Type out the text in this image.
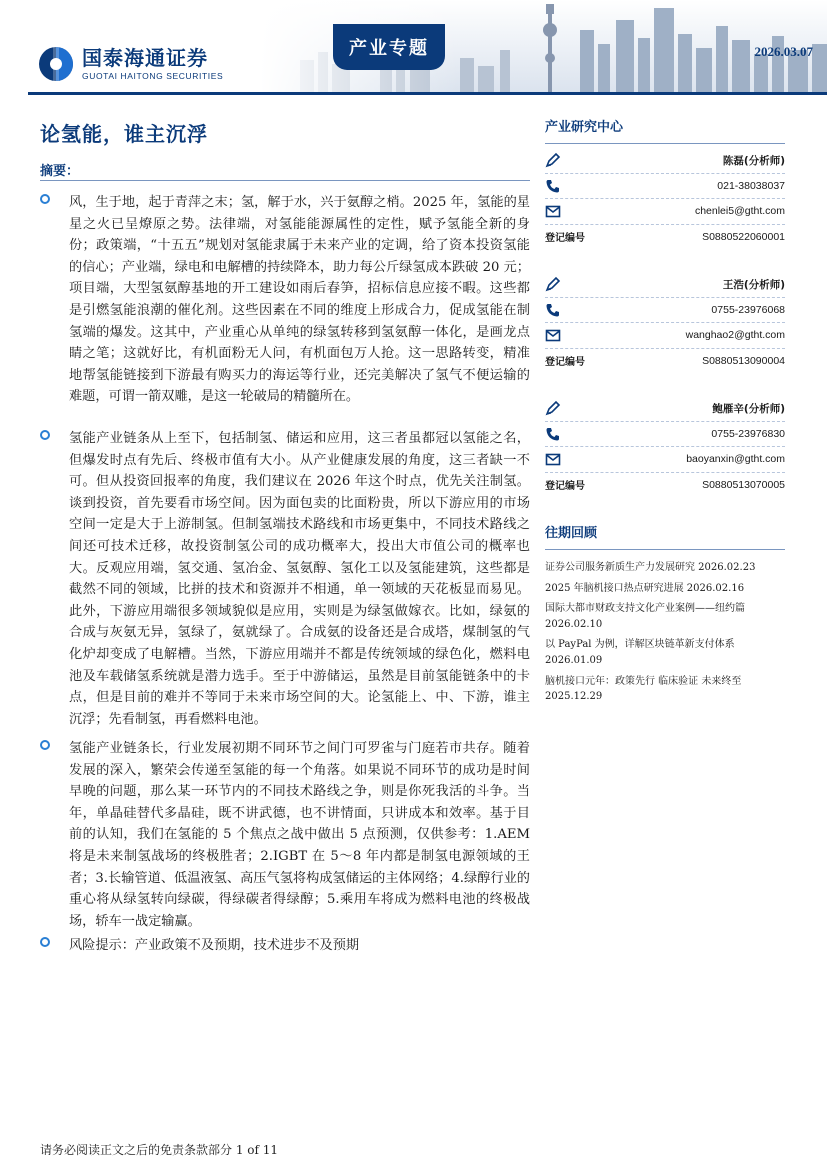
国泰海通证券
GUOTAI HAITONG SECURITIES
产业专题	2026.03.07
论氢能，谁主沉浮
摘要：

风，生于地，起于青萍之末；氢，解于水，兴于氨醇之梢。2025 年，氢能的星星之火已呈燎原之势。法律端，对氢能能源属性的定性，赋予氢能全新的身份；政策端，“十五五”规划对氢能隶属于未来产业的定调，给了资本投资氢能的信心；产业端，绿电和电解槽的持续降本，助力每公斤绿氢成本跌破 20 元；项目端，大型氢氨醇基地的开工建设如雨后春笋，招标信息应接不暇。这些都是引燃氢能浪潮的催化剂。这些因素在不同的维度上形成合力，促成氢能在制氢端的爆发。这其中，产业重心从单纯的绿氢转移到氢氨醇一体化，是画龙点睛之笔；这就好比，有机面粉无人问，有机面包万人抢。这一思路转变，精准地帮氢能链接到下游最有购买力的海运等行业，还完美解决了氢气不便运输的难题，可谓一箭双雕，是这一轮破局的精髓所在。

氢能产业链条从上至下，包括制氢、储运和应用，这三者虽都冠以氢能之名，但爆发时点有先后、终极市值有大小。从产业健康发展的角度，这三者缺一不可。但从投资回报率的角度，我们建议在 2026 年这个时点，优先关注制氢。谈到投资，首先要看市场空间。因为面包卖的比面粉贵，所以下游应用的市场空间一定是大于上游制氢。但制氢端技术路线和市场更集中，不同技术路线之间还可技术迁移，故投资制氢公司的成功概率大，投出大市值公司的概率也大。反观应用端，氢交通、氢冶金、氢氨醇、氢化工以及氢能建筑，这些都是截然不同的领域，比拼的技术和资源并不相通，单一领域的天花板显而易见。此外，下游应用端很多领域貌似是应用，实则是为绿氢做嫁衣。比如，绿氨的合成与灰氨无异，氢绿了，氨就绿了。合成氨的设备还是合成塔，煤制氢的气化炉却变成了电解槽。当然，下游应用端并不都是传统领域的绿色化，燃料电池及车载储氢系统就是潜力选手。至于中游储运，虽然是目前氢能链条中的卡点，但是目前的难并不等同于未来市场空间的大。论氢能上、中、下游，谁主沉浮；先看制氢，再看燃料电池。

氢能产业链条长，行业发展初期不同环节之间门可罗雀与门庭若市共存。随着发展的深入，繁荣会传递至氢能的每一个角落。如果说不同环节的成功是时间早晚的问题，那么某一环节内的不同技术路线之争，则是你死我活的斗争。当年，单晶硅替代多晶硅，既不讲武德，也不讲情面，只讲成本和效率。基于目前的认知，我们在氢能的 5 个焦点之战中做出 5 点预测，仅供参考：1.AEM 将是未来制氢战场的终极胜者；2.IGBT 在 5～8 年内都是制氢电源领域的王者；3.长输管道、低温液氢、高压气氢将构成氢储运的主体网络；4.绿醇行业的重心将从绿氢转向绿碳，得绿碳者得绿醇；5.乘用车将成为燃料电池的终极战场，轿车一战定输赢。

风险提示：产业政策不及预期，技术进步不及预期

产业研究中心
陈磊(分析师)
021-38038037
chenlei5@gtht.com
登记编号	S0880522060001
王浩(分析师)
0755-23976068
wanghao2@gtht.com
登记编号	S0880513090004
鲍雁辛(分析师)
0755-23976830
baoyanxin@gtht.com
登记编号	S0880513070005
往期回顾
证券公司服务新质生产力发展研究 2026.02.23
2025 年脑机接口热点研究进展 2026.02.16
国际大都市财政支持文化产业案例——纽约篇 2026.02.10
以 PayPal 为例，详解区块链革新支付体系 2026.01.09
脑机接口元年：政策先行 临床验证 未来终至 2025.12.29
请务必阅读正文之后的免责条款部分 1 of 11
